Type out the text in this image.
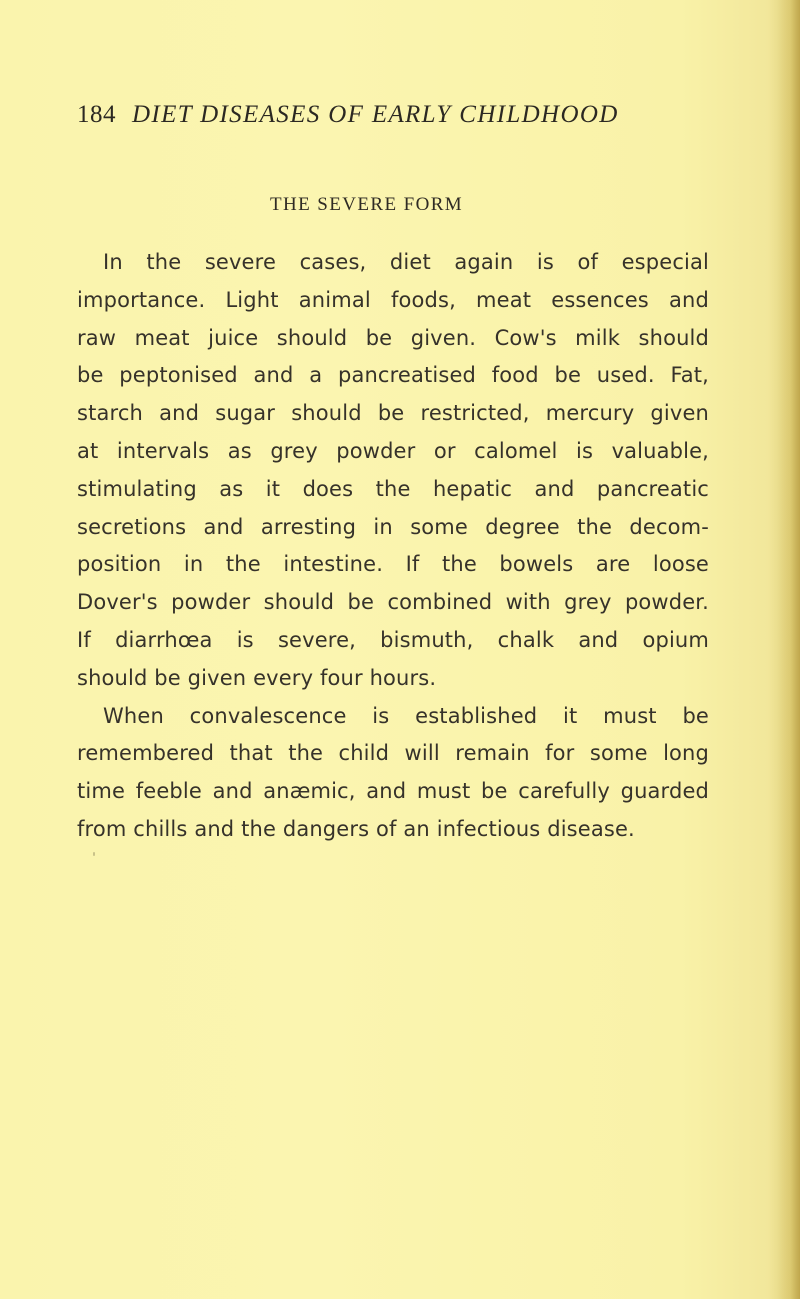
184 DIET DISEASES OF EARLY CHILDHOOD
THE SEVERE FORM
In the severe cases, diet again is of especial
importance. Light animal foods, meat essences and
raw meat juice should be given. Cow's milk should
be peptonised and a pancreatised food be used. Fat,
starch and sugar should be restricted, mercury given
at intervals as grey powder or calomel is valuable,
stimulating as it does the hepatic and pancreatic
secretions and arresting in some degree the decom-
position in the intestine. If the bowels are loose
Dover's powder should be combined with grey powder.
If diarrhœa is severe, bismuth, chalk and opium
should be given every four hours.
When convalescence is established it must be
remembered that the child will remain for some long
time feeble and anæmic, and must be carefully guarded
from chills and the dangers of an infectious disease.
